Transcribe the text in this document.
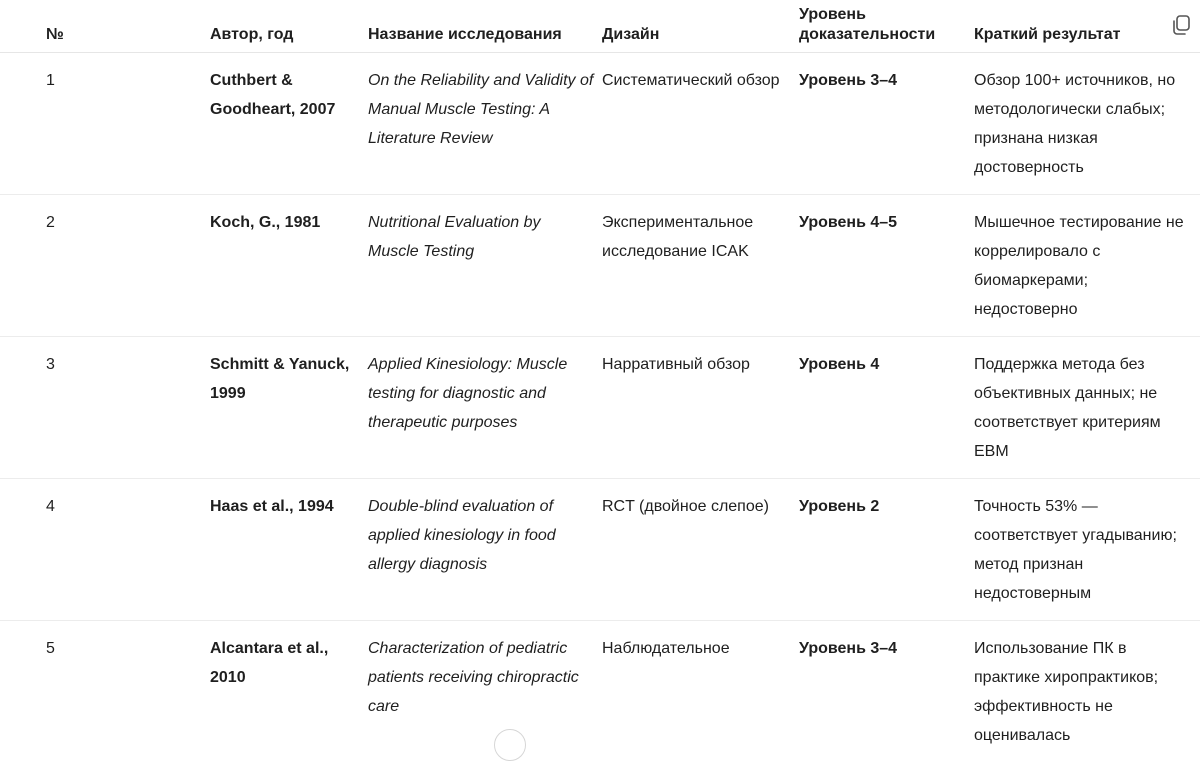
№	Автор, год	Название исследования	Дизайн	Уровень доказательности	Краткий результат
1	Cuthbert & Goodheart, 2007	On the Reliability and Validity of Manual Muscle Testing: A Literature Review	Систематический обзор	Уровень 3–4	Обзор 100+ источников, но методологически слабых; признана низкая достоверность
2	Koch, G., 1981	Nutritional Evaluation by Muscle Testing	Экспериментальное исследование ICAK	Уровень 4–5	Мышечное тестирование не коррелировало с биомаркерами; недостоверно
3	Schmitt & Yanuck, 1999	Applied Kinesiology: Muscle testing for diagnostic and therapeutic purposes	Нарративный обзор	Уровень 4	Поддержка метода без объективных данных; не соответствует критериям EBM
4	Haas et al., 1994	Double-blind evaluation of applied kinesiology in food allergy diagnosis	RCT (двойное слепое)	Уровень 2	Точность 53% — соответствует угадыванию; метод признан недостоверным
5	Alcantara et al., 2010	Characterization of pediatric patients receiving chiropractic care	Наблюдательное	Уровень 3–4	Использование ПК в практике хиропрактиков; эффективность не оценивалась
